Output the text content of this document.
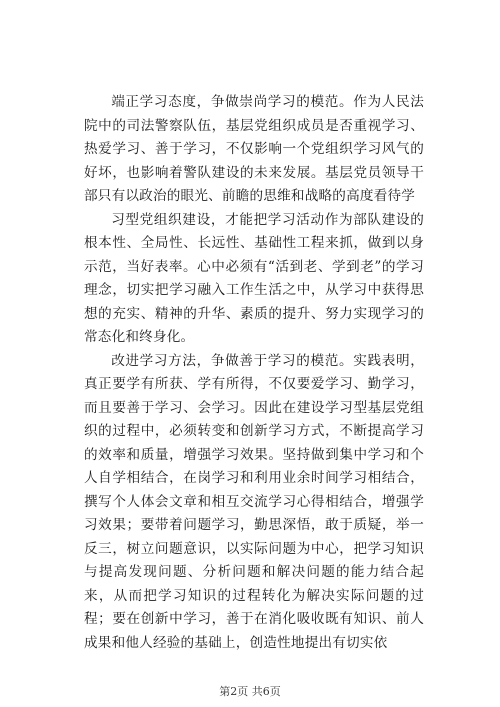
端正学习态度，争做崇尚学习的模范。作为人民法院中的司法警察队伍，基层党组织成员是否重视学习、热爱学习、善于学习，不仅影响一个党组织学习风气的好坏，也影响着警队建设的未来发展。基层党员领导干部只有以政治的眼光、前瞻的思维和战略的高度看待学

习型党组织建设，才能把学习活动作为部队建设的根本性、全局性、长远性、基础性工程来抓，做到以身示范，当好表率。心中必须有“活到老、学到老”的学习理念，切实把学习融入工作生活之中，从学习中获得思想的充实、精神的升华、素质的提升、努力实现学习的常态化和终身化。

改进学习方法，争做善于学习的模范。实践表明，真正要学有所获、学有所得，不仅要爱学习、勤学习，而且要善于学习、会学习。因此在建设学习型基层党组织的过程中，必须转变和创新学习方式，不断提高学习的效率和质量，增强学习效果。坚持做到集中学习和个人自学相结合，在岗学习和利用业余时间学习相结合，撰写个人体会文章和相互交流学习心得相结合，增强学习效果；要带着问题学习，勤思深悟，敢于质疑，举一反三，树立问题意识，以实际问题为中心，把学习知识与提高发现问题、分析问题和解决问题的能力结合起来，从而把学习知识的过程转化为解决实际问题的过程；要在创新中学习，善于在消化吸收既有知识、前人成果和他人经验的基础上，创造性地提出有切实依

第2页 共6页
